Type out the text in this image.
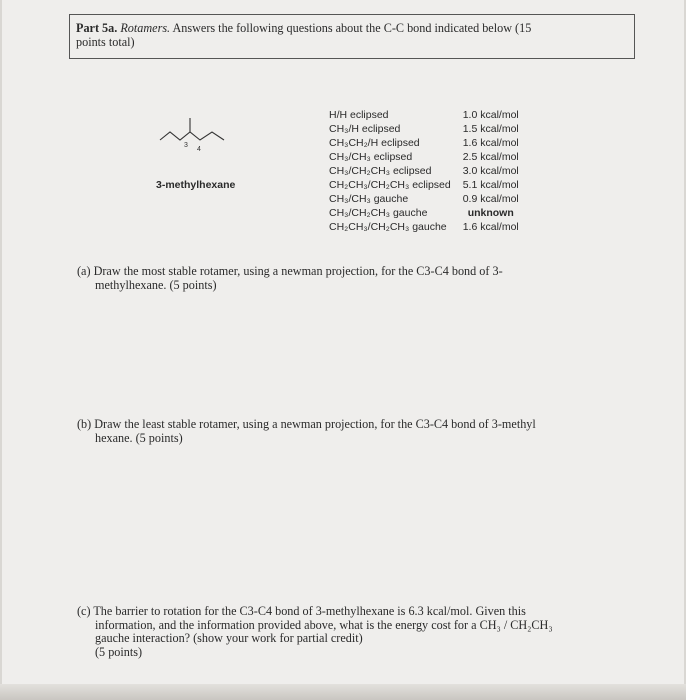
Part 5a. Rotamers. Answers the following questions about the C-C bond indicated below (15
points total)
3
4
3-methylhexane
H/H eclipsed	1.0 kcal/mol
CH₃/H eclipsed	1.5 kcal/mol
CH₃CH₂/H eclipsed	1.6 kcal/mol
CH₃/CH₃ eclipsed	2.5 kcal/mol
CH₃/CH₂CH₃ eclipsed	3.0 kcal/mol
CH₂CH₃/CH₂CH₃ eclipsed	5.1 kcal/mol
CH₃/CH₃ gauche	0.9 kcal/mol
CH₃/CH₂CH₃ gauche	unknown
CH₂CH₃/CH₂CH₃ gauche	1.6 kcal/mol
(a) Draw the most stable rotamer, using a newman projection, for the C3-C4 bond of 3-
methylhexane. (5 points)
(b) Draw the least stable rotamer, using a newman projection, for the C3-C4 bond of 3-methyl
hexane. (5 points)
(c) The barrier to rotation for the C3-C4 bond of 3-methylhexane is 6.3 kcal/mol. Given this
information, and the information provided above, what is the energy cost for a CH₃ / CH₂CH₃
gauche interaction? (show your work for partial credit)
(5 points)
